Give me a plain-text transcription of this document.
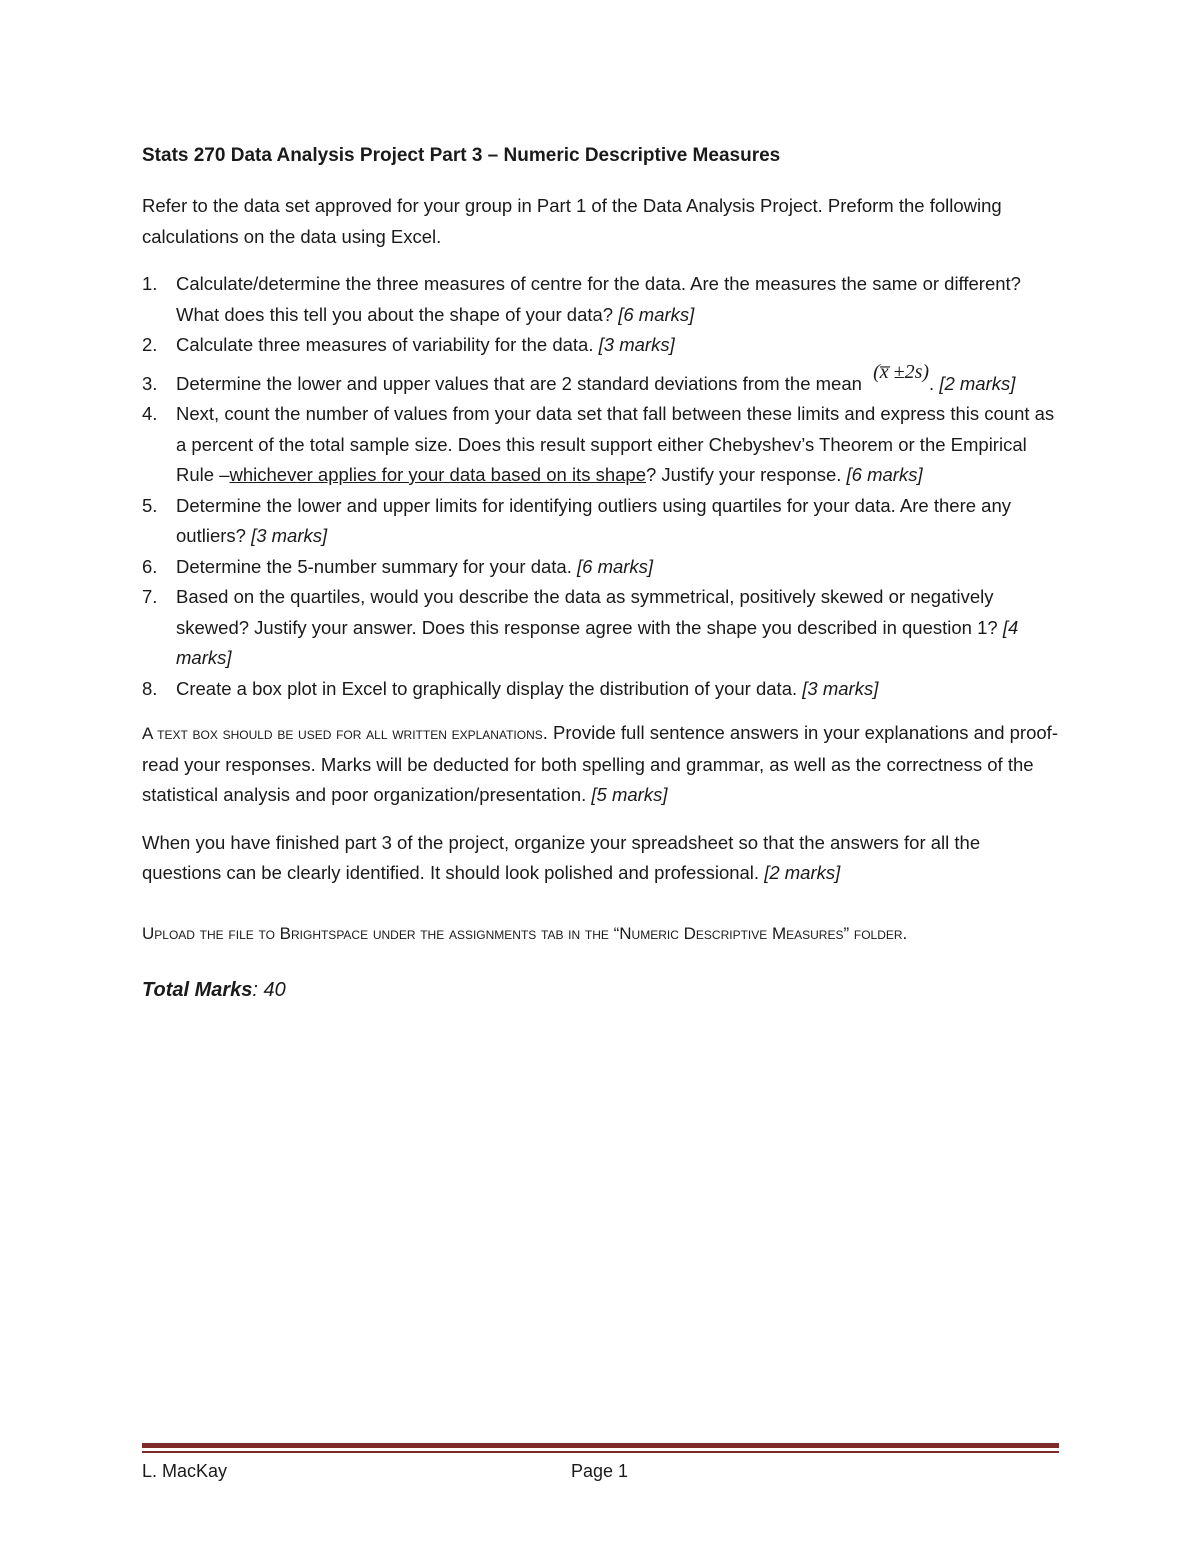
Stats 270 Data Analysis Project Part 3 – Numeric Descriptive Measures

Refer to the data set approved for your group in Part 1 of the Data Analysis Project. Preform the following calculations on the data using Excel.

1. Calculate/determine the three measures of centre for the data. Are the measures the same or different? What does this tell you about the shape of your data? [6 marks]
2. Calculate three measures of variability for the data. [3 marks]
3. Determine the lower and upper values that are 2 standard deviations from the mean (x̅ ±2s). [2 marks]
4. Next, count the number of values from your data set that fall between these limits and express this count as a percent of the total sample size. Does this result support either Chebyshev’s Theorem or the Empirical Rule –whichever applies for your data based on its shape? Justify your response. [6 marks]
5. Determine the lower and upper limits for identifying outliers using quartiles for your data. Are there any outliers? [3 marks]
6. Determine the 5-number summary for your data. [6 marks]
7. Based on the quartiles, would you describe the data as symmetrical, positively skewed or negatively skewed? Justify your answer. Does this response agree with the shape you described in question 1? [4 marks]
8. Create a box plot in Excel to graphically display the distribution of your data. [3 marks]

A text box should be used for all written explanations. Provide full sentence answers in your explanations and proof-read your responses. Marks will be deducted for both spelling and grammar, as well as the correctness of the statistical analysis and poor organization/presentation. [5 marks]

When you have finished part 3 of the project, organize your spreadsheet so that the answers for all the questions can be clearly identified. It should look polished and professional. [2 marks]

Upload the file to Brightspace under the assignments tab in the “Numeric Descriptive Measures” folder.

Total Marks: 40

L. MacKay	Page 1
